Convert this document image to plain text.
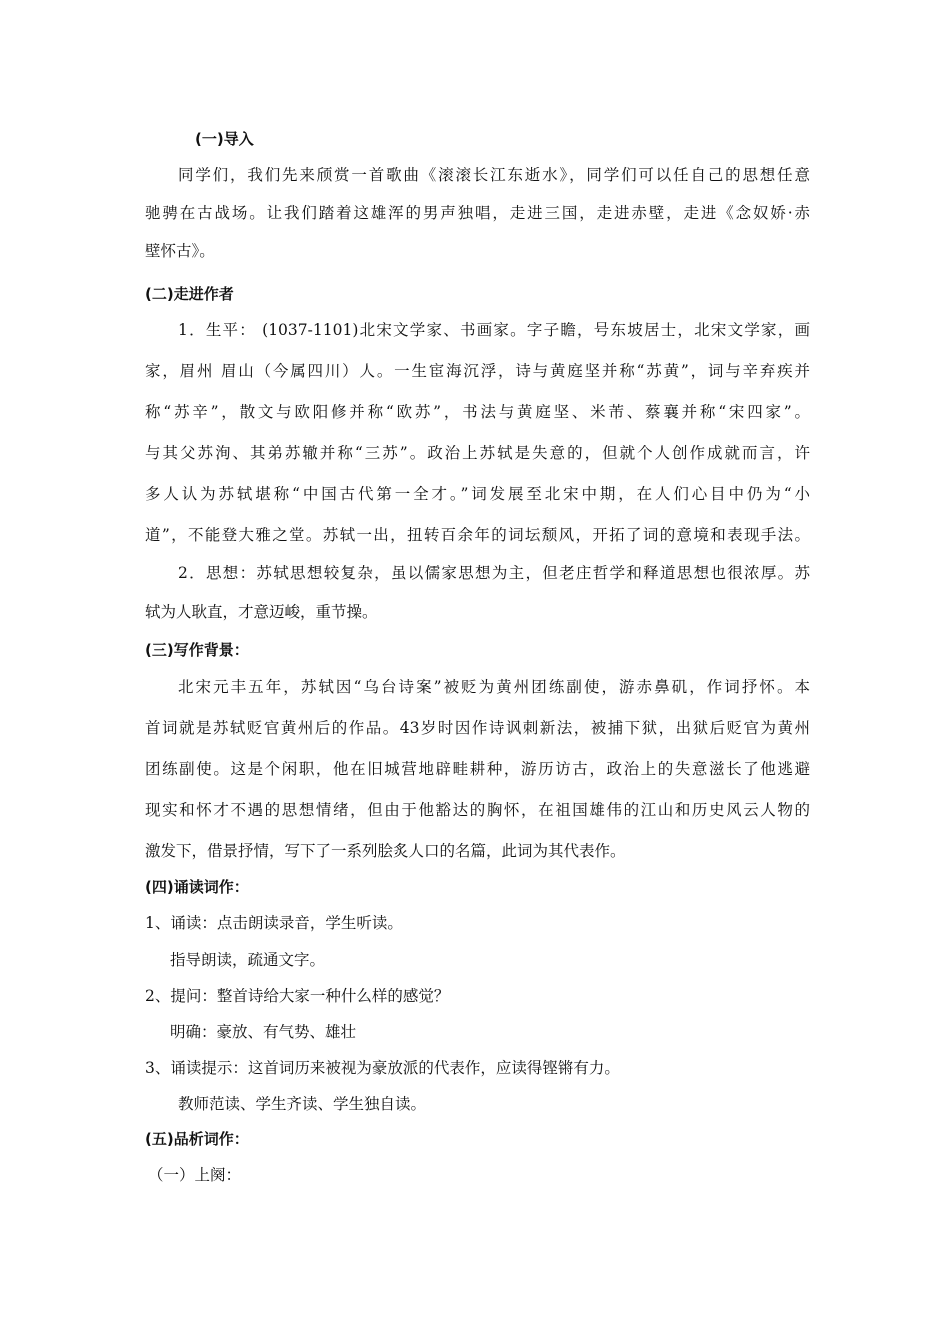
(一)导入
同学们，我们先来颀赏一首歌曲《滚滚长江东逝水》，同学们可以任自己的思想任意
驰骋在古战场。让我们踏着这雄浑的男声独唱，走进三国，走进赤壁，走进《念奴娇·赤
壁怀古》。
(二)走进作者
1．生平： (1037-1101)北宋文学家、书画家。字子瞻，号东坡居士，北宋文学家，画
家，眉州 眉山（今属四川）人。一生宦海沉浮，诗与黄庭坚并称“苏黄”，词与辛弃疾并
称“苏辛”，散文与欧阳修并称“欧苏”，书法与黄庭坚、米芾、蔡襄并称“宋四家”。
与其父苏洵、其弟苏辙并称“三苏”。政治上苏轼是失意的，但就个人创作成就而言，许
多人认为苏轼堪称“中国古代第一全才。”词发展至北宋中期，在人们心目中仍为“小
道”，不能登大雅之堂。苏轼一出，扭转百余年的词坛颓风，开拓了词的意境和表现手法。
2．思想：苏轼思想较复杂，虽以儒家思想为主，但老庄哲学和释道思想也很浓厚。苏
轼为人耿直，才意迈峻，重节操。
(三)写作背景：
北宋元丰五年，苏轼因“乌台诗案”被贬为黄州团练副使，游赤鼻矶，作词抒怀。本
首词就是苏轼贬官黄州后的作品。43岁时因作诗讽刺新法，被捕下狱，出狱后贬官为黄州
团练副使。这是个闲职，他在旧城营地辟畦耕种，游历访古，政治上的失意滋长了他逃避
现实和怀才不遇的思想情绪，但由于他豁达的胸怀，在祖国雄伟的江山和历史风云人物的
激发下，借景抒情，写下了一系列脍炙人口的名篇，此词为其代表作。
(四)诵读词作：
1、诵读：点击朗读录音，学生听读。
指导朗读，疏通文字。
2、提问：整首诗给大家一种什么样的感觉？
明确：豪放、有气势、雄壮
3、诵读提示：这首词历来被视为豪放派的代表作，应读得铿锵有力。
教师范读、学生齐读、学生独自读。
(五)品析词作：
（一）上阕：
